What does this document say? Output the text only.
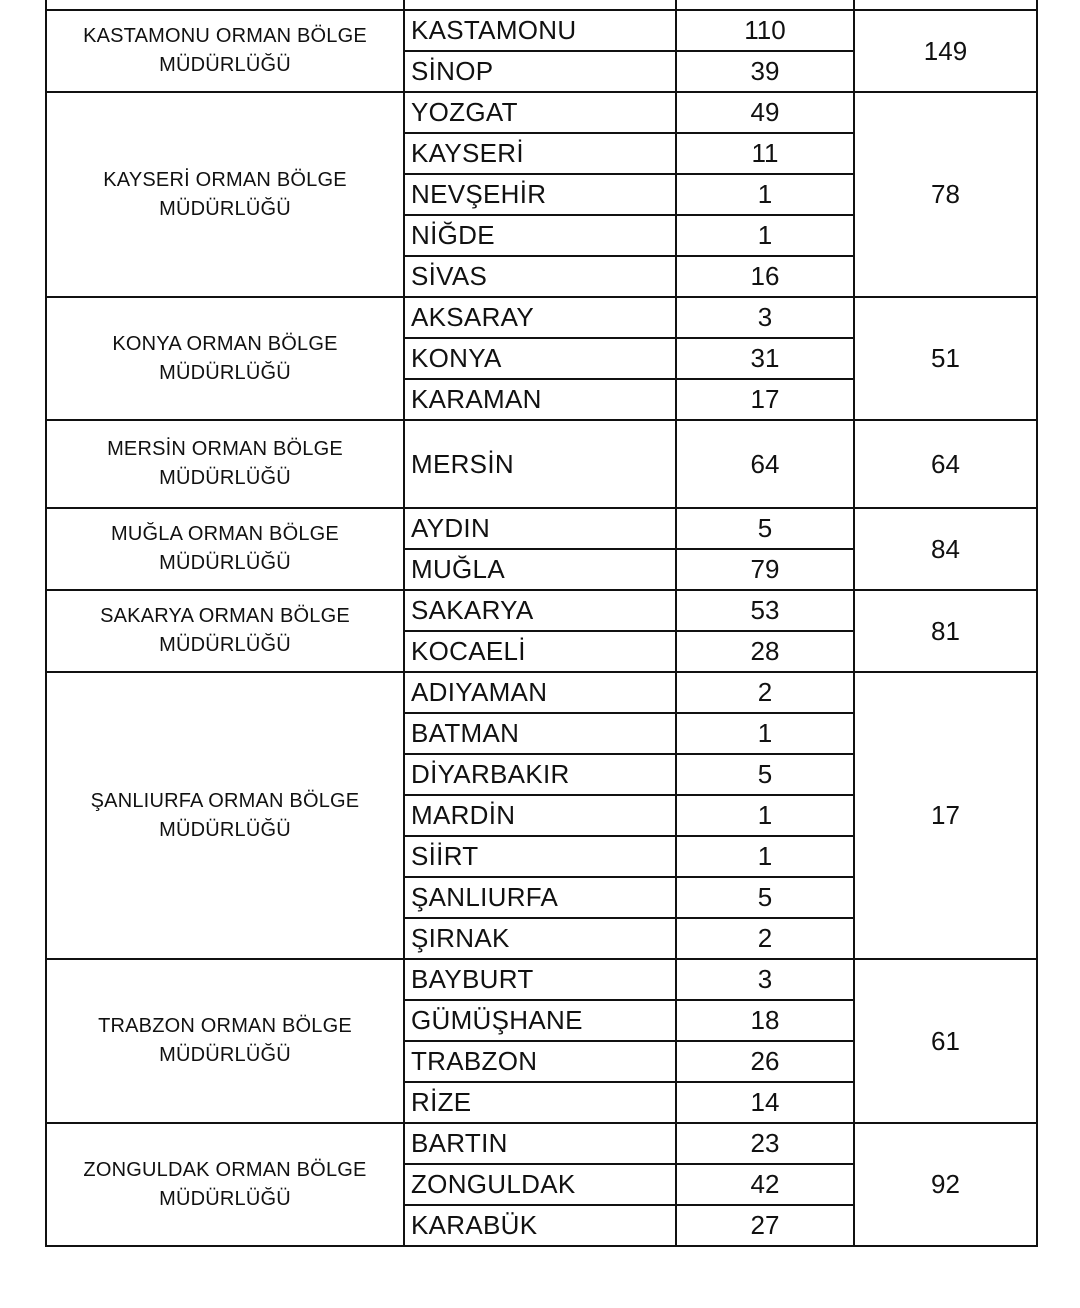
KASTAMONU ORMAN BÖLGE
MÜDÜRLÜĞÜ	KASTAMONU	110	149
	SİNOP	39	

KAYSERİ ORMAN BÖLGE
MÜDÜRLÜĞÜ	YOZGAT	49	78
	KAYSERİ	11	
	NEVŞEHİR	1	
	NİĞDE	1	
	SİVAS	16	

KONYA ORMAN BÖLGE
MÜDÜRLÜĞÜ	AKSARAY	3	51
	KONYA	31	
	KARAMAN	17	

MERSİN ORMAN BÖLGE
MÜDÜRLÜĞÜ	MERSİN	64	64

MUĞLA ORMAN BÖLGE
MÜDÜRLÜĞÜ	AYDIN	5	84
	MUĞLA	79	

SAKARYA ORMAN BÖLGE
MÜDÜRLÜĞÜ	SAKARYA	53	81
	KOCAELİ	28	

ŞANLIURFA ORMAN BÖLGE
MÜDÜRLÜĞÜ	ADIYAMAN	2	17
	BATMAN	1	
	DİYARBAKIR	5	
	MARDİN	1	
	SİİRT	1	
	ŞANLIURFA	5	
	ŞIRNAK	2	

TRABZON ORMAN BÖLGE
MÜDÜRLÜĞÜ	BAYBURT	3	61
	GÜMÜŞHANE	18	
	TRABZON	26	
	RİZE	14	

ZONGULDAK ORMAN BÖLGE
MÜDÜRLÜĞÜ	BARTIN	23	92
	ZONGULDAK	42	
	KARABÜK	27	
